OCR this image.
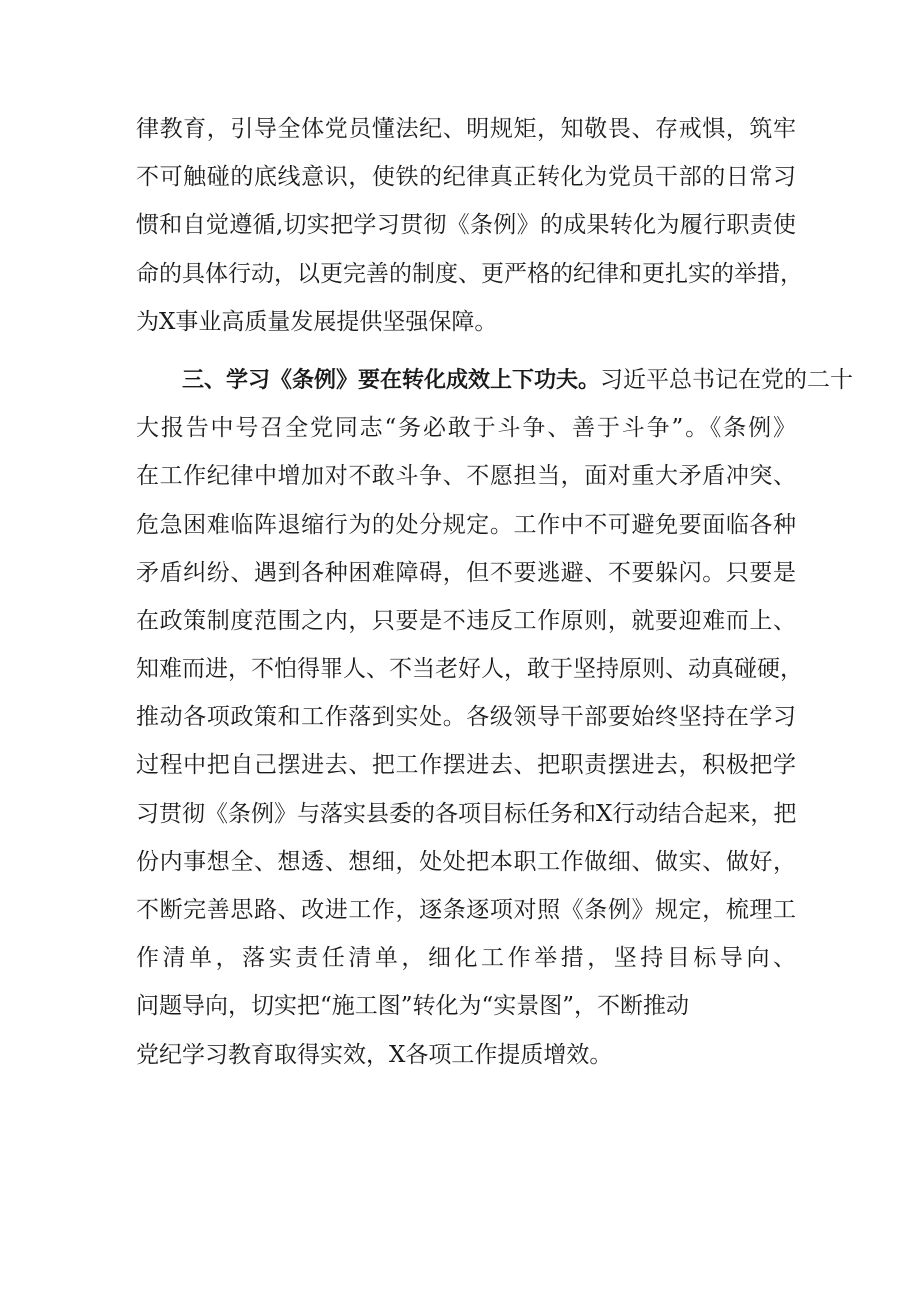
律教育，引导全体党员懂法纪、明规矩，知敬畏、存戒惧，筑牢
不可触碰的底线意识，使铁的纪律真正转化为党员干部的日常习
惯和自觉遵循,切实把学习贯彻《条例》的成果转化为履行职责使
命的具体行动，以更完善的制度、更严格的纪律和更扎实的举措，
为X事业高质量发展提供坚强保障。
三、学习《条例》要在转化成效上下功夫。习近平总书记在党的二十
大报告中号召全党同志“务必敢于斗争、善于斗争”。《条例》
在工作纪律中增加对不敢斗争、不愿担当，面对重大矛盾冲突、
危急困难临阵退缩行为的处分规定。工作中不可避免要面临各种
矛盾纠纷、遇到各种困难障碍，但不要逃避、不要躲闪。只要是
在政策制度范围之内，只要是不违反工作原则，就要迎难而上、
知难而进，不怕得罪人、不当老好人，敢于坚持原则、动真碰硬，
推动各项政策和工作落到实处。各级领导干部要始终坚持在学习
过程中把自己摆进去、把工作摆进去、把职责摆进去，积极把学
习贯彻《条例》与落实县委的各项目标任务和X行动结合起来，把
份内事想全、想透、想细，处处把本职工作做细、做实、做好，
不断完善思路、改进工作，逐条逐项对照《条例》规定，梳理工
作清单，落实责任清单，细化工作举措，坚持目标导向、
问题导向，切实把“施工图”转化为“实景图”，不断推动
党纪学习教育取得实效，X各项工作提质增效。
